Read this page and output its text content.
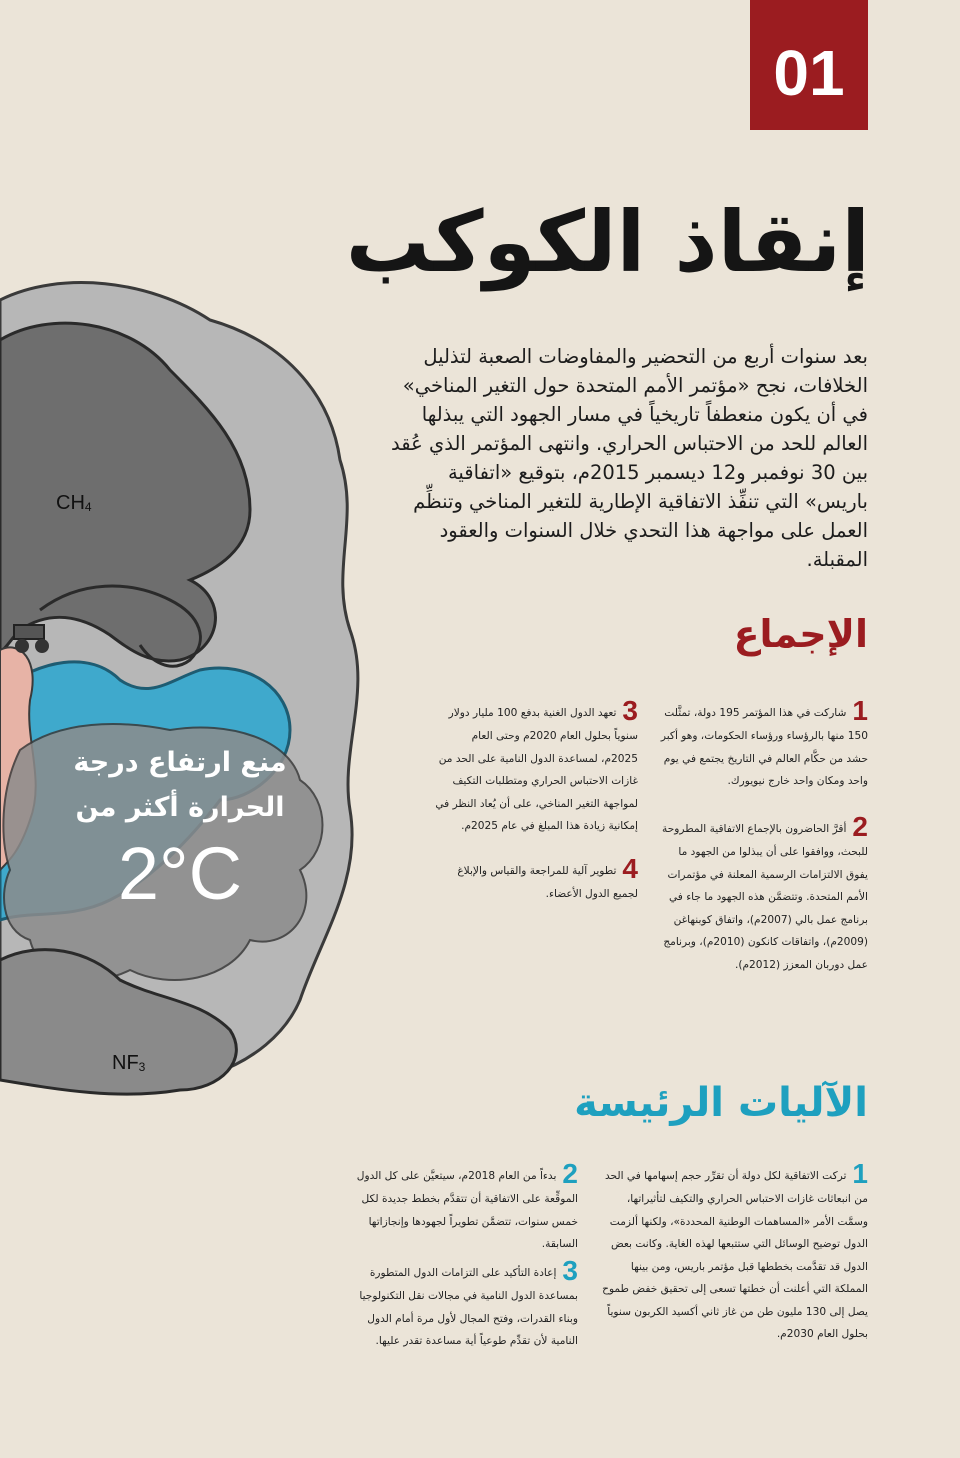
$CH_4$
$NF_3$
منع ارتفاع درجة
الحرارة أكثر من
2°C
01
إنقاذ الكوكب

بعد سنوات أربع من التحضير والمفاوضات الصعبة لتذليل الخلافات، نجح «مؤتمر الأمم المتحدة حول التغير المناخي» في أن يكون منعطفاً تاريخياً في مسار الجهود التي يبذلها العالم للحد من الاحتباس الحراري. وانتهى المؤتمر الذي عُقد بين 30 نوفمبر و12 ديسمبر 2015م، بتوقيع «اتفاقية باريس» التي تنفِّذ الاتفاقية الإطارية للتغير المناخي وتنظِّم العمل على مواجهة هذا التحدي خلال السنوات والعقود المقبلة.

الإجماع
1شاركت في هذا المؤتمر 195 دولة، تمثَّلت 150 منها بالرؤساء ورؤساء الحكومات، وهو أكبر حشد من حكَّام العالم في التاريخ يجتمع في يوم واحد ومكان واحد خارج نيويورك.
2أقرَّ الحاضرون بالإجماع الاتفاقية المطروحة للبحث، ووافقوا على أن يبذلوا من الجهود ما يفوق الالتزامات الرسمية المعلنة في مؤتمرات الأمم المتحدة. وتتضمَّن هذه الجهود ما جاء في برنامج عمل بالي (2007م)، واتفاق كوبنهاغن (2009م)، واتفاقات كانكون (2010م)، وبرنامج عمل دوربان المعزز (2012م).
3تعهد الدول الغنية بدفع 100 مليار دولار سنوياً بحلول العام 2020م وحتى العام 2025م، لمساعدة الدول النامية على الحد من غازات الاحتباس الحراري ومتطلبات التكيف لمواجهة التغير المناخي، على أن يُعاد النظر في إمكانية زيادة هذا المبلغ في عام 2025م.
4تطوير آلية للمراجعة والقياس والإبلاغ لجميع الدول الأعضاء.
الآليات الرئيسة
1تركت الاتفاقية لكل دولة أن تقرِّر حجم إسهامها في الحد من انبعاثات غازات الاحتباس الحراري والتكيف لتأثيراتها، وسمَّت الأمر «المساهمات الوطنية المحددة»، ولكنها ألزمت الدول توضيح الوسائل التي ستتبعها لهذه الغاية. وكانت بعض الدول قد تقدَّمت بخططها قبل مؤتمر باريس، ومن بينها المملكة التي أعلنت أن خطتها تسعى إلى تحقيق خفض طموح يصل إلى 130 مليون طن من غاز ثاني أكسيد الكربون سنوياً بحلول العام 2030م.
2بدءاً من العام 2018م، سيتعيَّن على كل الدول الموقِّعة على الاتفاقية أن تتقدَّم بخطط جديدة لكل خمس سنوات، تتضمَّن تطويراً لجهودها وإنجازاتها السابقة.
3إعادة التأكيد على التزامات الدول المتطورة بمساعدة الدول النامية في مجالات نقل التكنولوجيا وبناء القدرات، وفتح المجال لأول مرة أمام الدول النامية لأن تقدِّم طوعياً أية مساعدة تقدر عليها.
